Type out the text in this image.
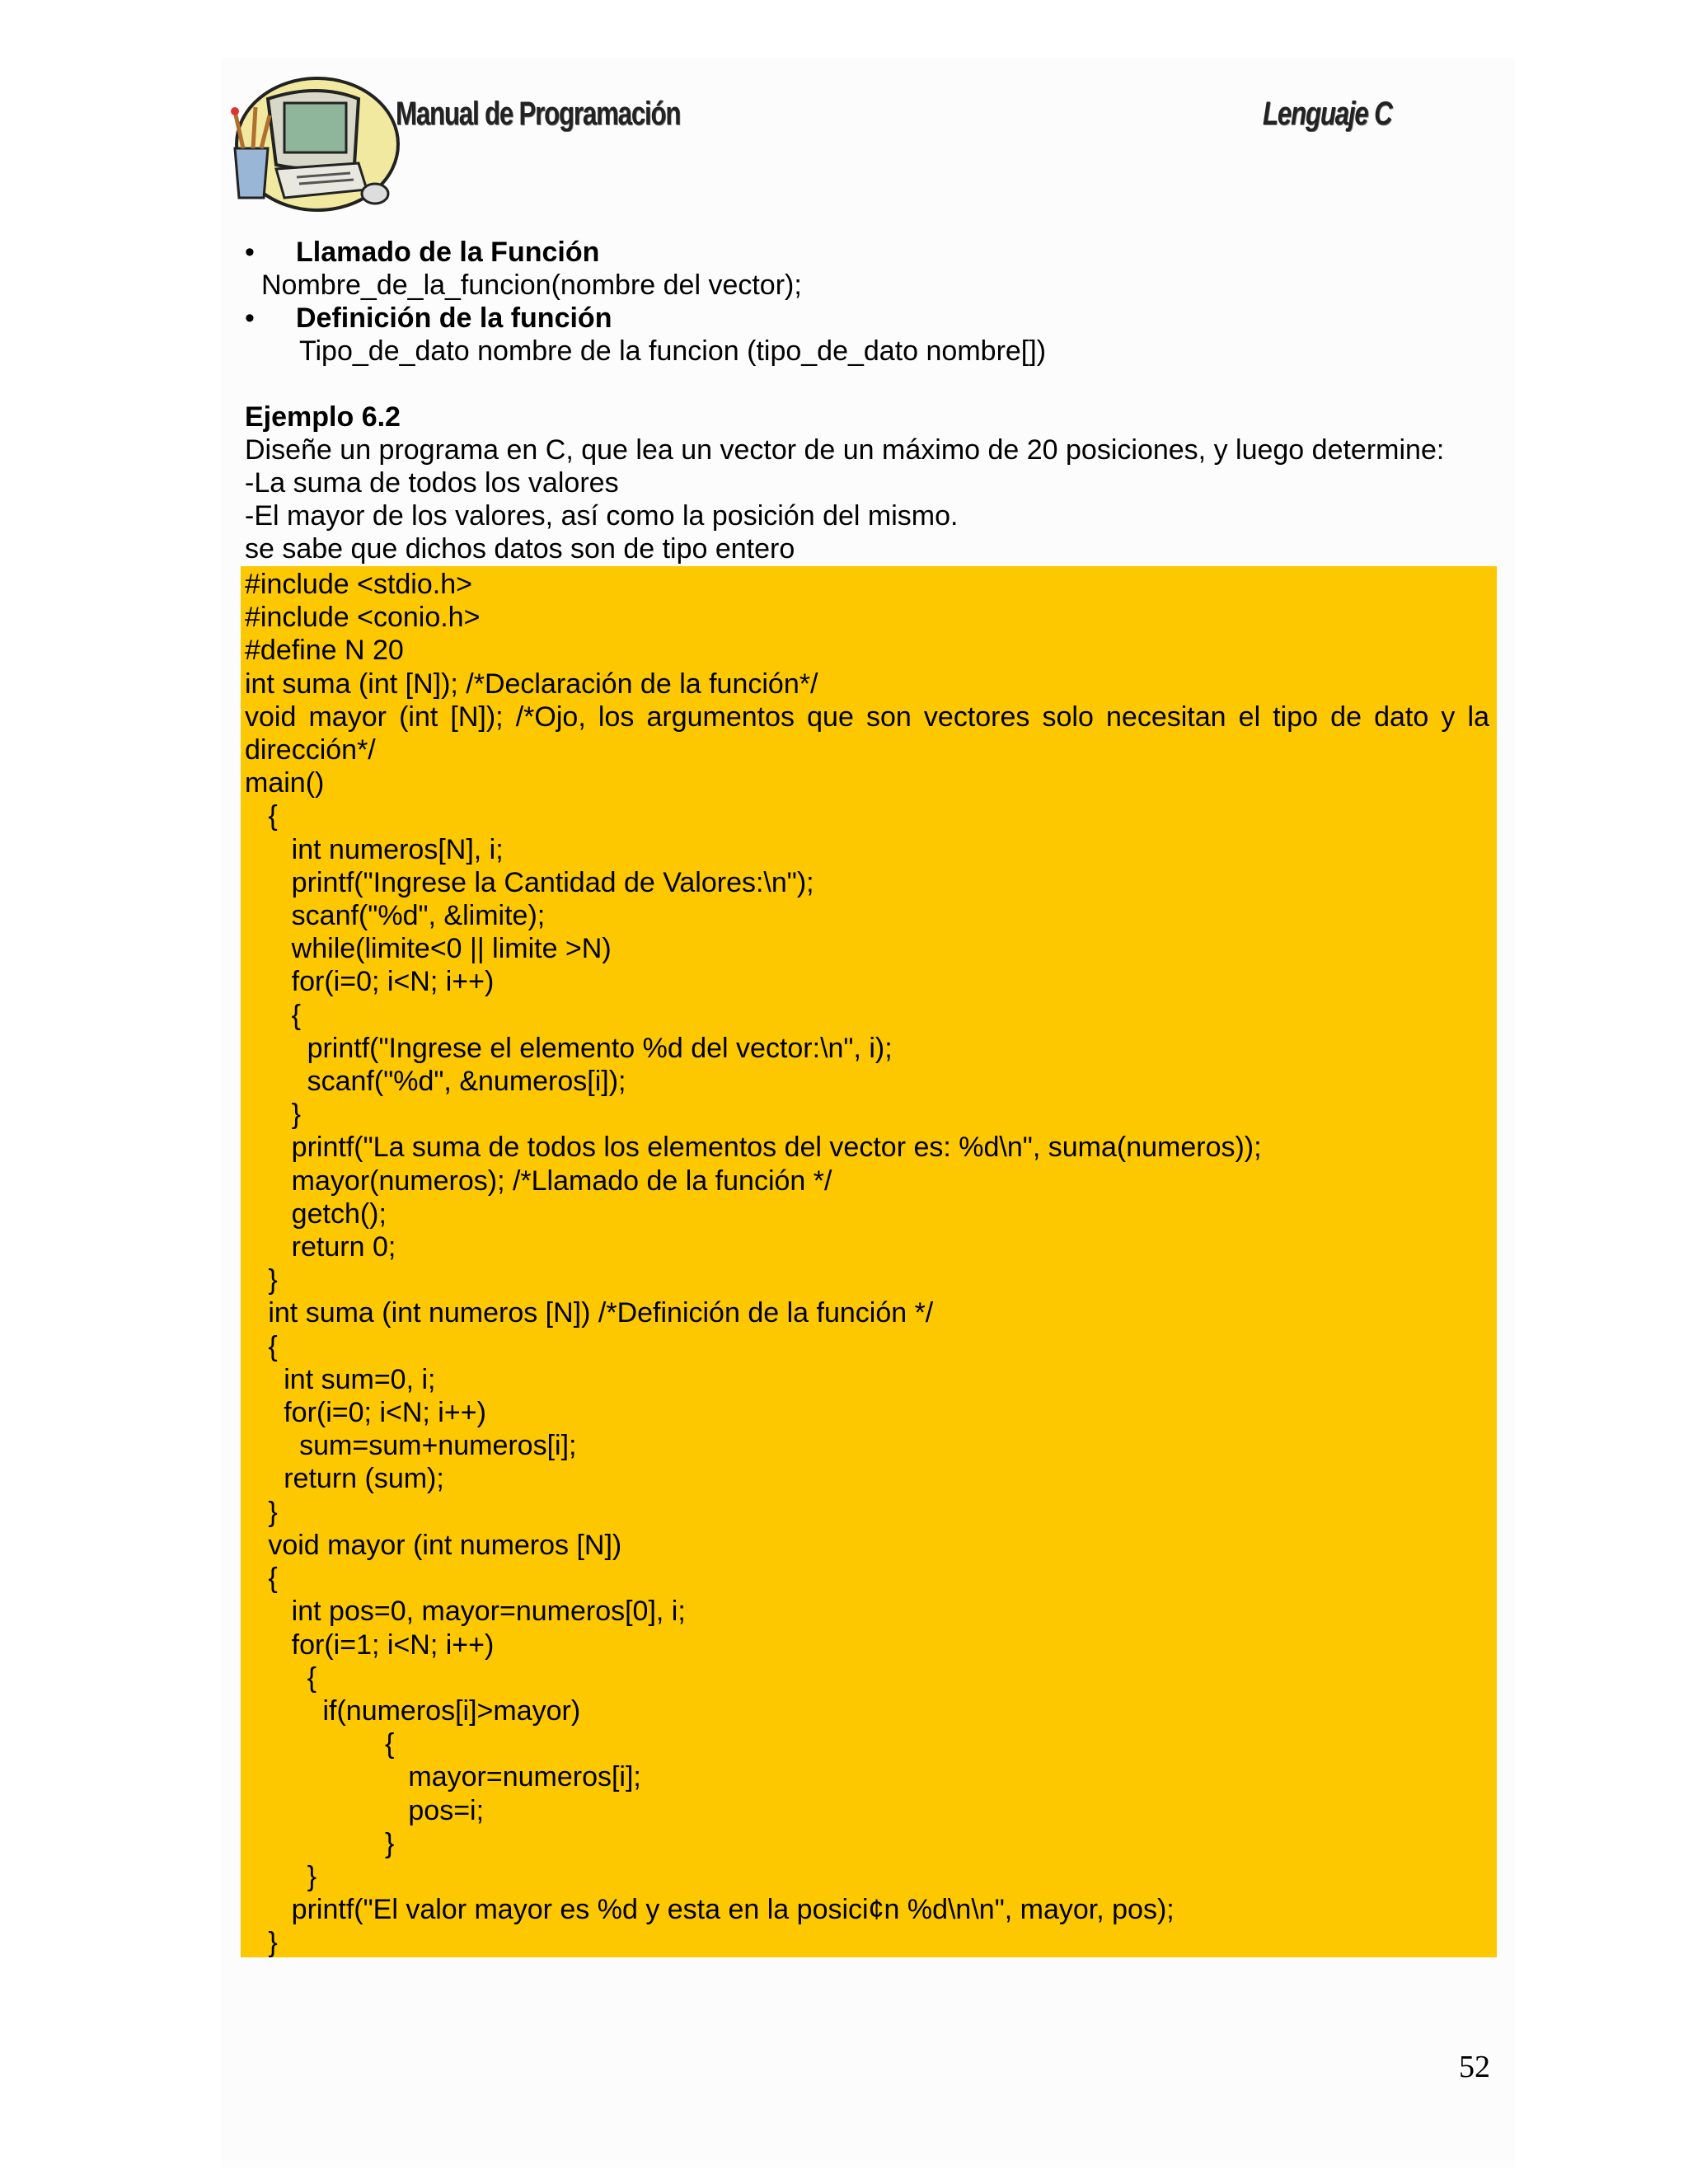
Manual de Programación	Lenguaje C
• Llamado de la Función
Nombre_de_la_funcion(nombre del vector);
• Definición de la función
Tipo_de_dato nombre de la funcion (tipo_de_dato nombre[])
Ejemplo 6.2
Diseñe un programa en C, que lea un vector de un máximo de 20 posiciones, y luego determine:
-La suma de todos los valores
-El mayor de los valores, así como la posición del mismo.
se sabe que dichos datos son de tipo entero
#include <stdio.h>
#include <conio.h>
#define N 20
int suma (int [N]); /*Declaración de la función*/
void mayor (int [N]); /*Ojo, los argumentos que son vectores solo necesitan el tipo de dato y la
dirección*/
main()
{
int numeros[N], i;
printf("Ingrese la Cantidad de Valores:\n");
scanf("%d", &limite);
while(limite<0 || limite >N)
for(i=0; i<N; i++)
{
printf("Ingrese el elemento %d del vector:\n", i);
scanf("%d", &numeros[i]);
}
printf("La suma de todos los elementos del vector es: %d\n", suma(numeros));
mayor(numeros); /*Llamado de la función */
getch();
return 0;
}
int suma (int numeros [N]) /*Definición de la función */
{
int sum=0, i;
for(i=0; i<N; i++)
sum=sum+numeros[i];
return (sum);
}
void mayor (int numeros [N])
{
int pos=0, mayor=numeros[0], i;
for(i=1; i<N; i++)
{
if(numeros[i]>mayor)
{
mayor=numeros[i];
pos=i;
}
}
printf("El valor mayor es %d y esta en la posici¢n %d\n\n", mayor, pos);
}
52
